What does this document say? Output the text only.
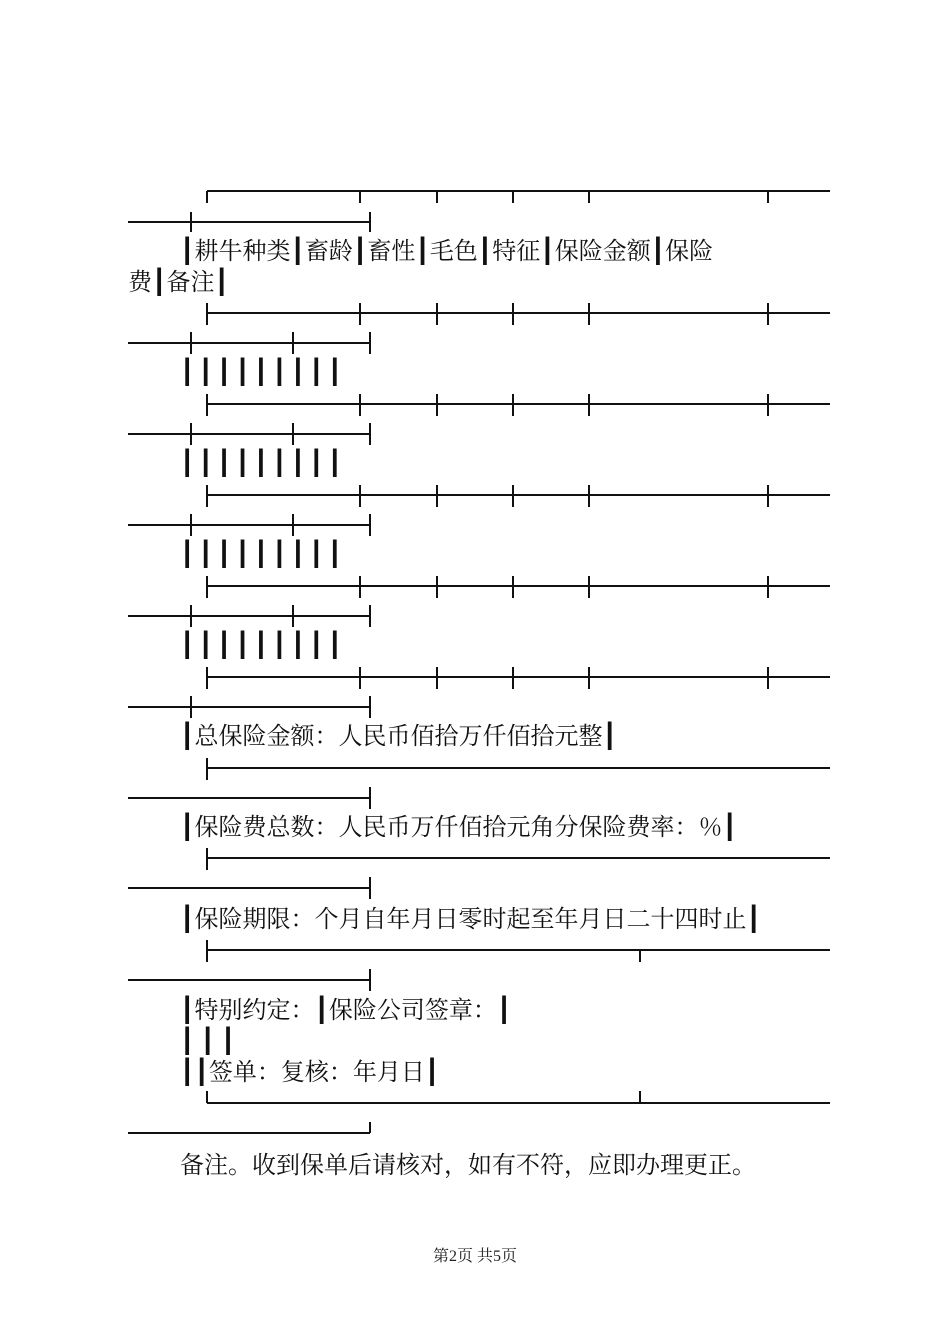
┃耕牛种类┃畜龄┃畜性┃毛色┃特征┃保险金额┃保险
费┃备注┃
┃┃┃┃┃┃┃┃┃
┃┃┃┃┃┃┃┃┃
┃┃┃┃┃┃┃┃┃
┃┃┃┃┃┃┃┃┃
┃总保险金额：人民币佰拾万仟佰拾元整┃
┃保险费总数：人民币万仟佰拾元角分保险费率：％┃
┃保险期限：个月自年月日零时起至年月日二十四时止┃
┃特别约定：┃保险公司签章：┃
┃┃┃
┃┃签单：复核：年月日┃
备注。收到保单后请核对，如有不符，应即办理更正。
第2页 共5页
